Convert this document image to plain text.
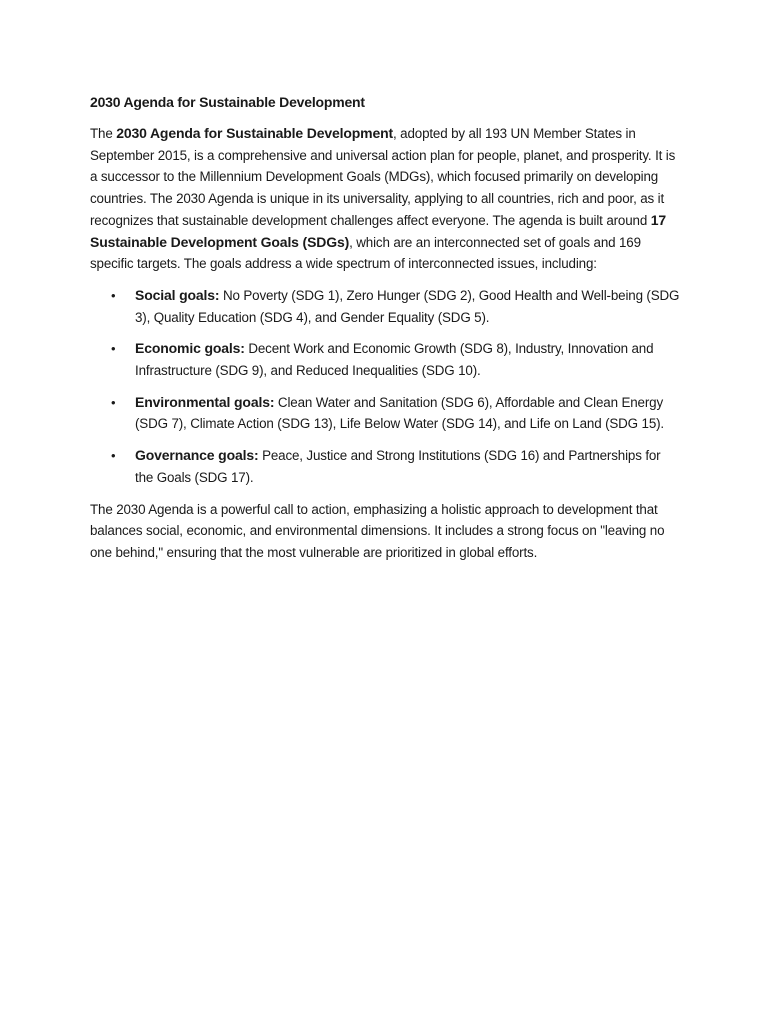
2030 Agenda for Sustainable Development

The 2030 Agenda for Sustainable Development, adopted by all 193 UN Member States in September 2015, is a comprehensive and universal action plan for people, planet, and prosperity. It is a successor to the Millennium Development Goals (MDGs), which focused primarily on developing countries. The 2030 Agenda is unique in its universality, applying to all countries, rich and poor, as it recognizes that sustainable development challenges affect everyone. The agenda is built around 17 Sustainable Development Goals (SDGs), which are an interconnected set of goals and 169 specific targets. The goals address a wide spectrum of interconnected issues, including:

• Social goals: No Poverty (SDG 1), Zero Hunger (SDG 2), Good Health and Well-being (SDG 3), Quality Education (SDG 4), and Gender Equality (SDG 5).
• Economic goals: Decent Work and Economic Growth (SDG 8), Industry, Innovation and Infrastructure (SDG 9), and Reduced Inequalities (SDG 10).
• Environmental goals: Clean Water and Sanitation (SDG 6), Affordable and Clean Energy (SDG 7), Climate Action (SDG 13), Life Below Water (SDG 14), and Life on Land (SDG 15).
• Governance goals: Peace, Justice and Strong Institutions (SDG 16) and Partnerships for the Goals (SDG 17).

The 2030 Agenda is a powerful call to action, emphasizing a holistic approach to development that balances social, economic, and environmental dimensions. It includes a strong focus on "leaving no one behind," ensuring that the most vulnerable are prioritized in global efforts.
